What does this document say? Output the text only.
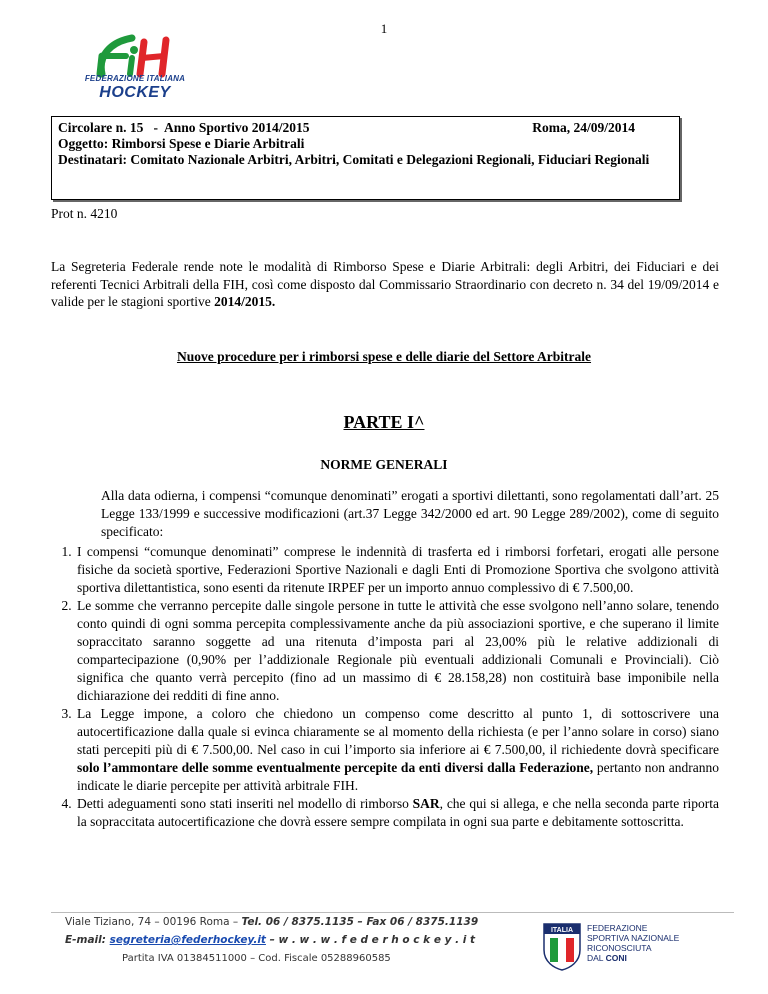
1
FEDERAZIONE ITALIANA
HOCKEY
Circolare n. 15   -  Anno Sportivo 2014/2015	Roma, 24/09/2014
Oggetto: Rimborsi Spese e Diarie Arbitrali
Destinatari: Comitato Nazionale Arbitri, Arbitri, Comitati e Delegazioni Regionali, Fiduciari Regionali
Prot n. 4210
La Segreteria Federale rende note le modalità di Rimborso Spese e Diarie Arbitrali: degli Arbitri, dei Fiduciari e dei referenti Tecnici Arbitrali della FIH, così come disposto dal Commissario Straordinario con decreto n. 34 del 19/09/2014 e valide per le stagioni sportive 2014/2015.
Nuove procedure per i rimborsi spese e delle diarie del Settore Arbitrale
PARTE I^
NORME GENERALI
Alla data odierna, i compensi “comunque denominati” erogati a sportivi dilettanti, sono regolamentati dall’art. 25 Legge 133/1999 e successive modificazioni (art.37 Legge 342/2000 ed art. 90 Legge 289/2002), come di seguito specificato:
1. I compensi “comunque denominati” comprese le indennità di trasferta ed i rimborsi forfetari, erogati alle persone fisiche da società sportive, Federazioni Sportive Nazionali e dagli Enti di Promozione Sportiva che svolgono attività sportiva dilettantistica, sono esenti da ritenute IRPEF per un importo annuo complessivo di € 7.500,00.
2. Le somme che verranno percepite dalle singole persone in tutte le attività che esse svolgono nell’anno solare, tenendo conto quindi di ogni somma percepita complessivamente anche da più associazioni sportive, e che superano il limite sopraccitato saranno soggette ad una ritenuta d’imposta pari al 23,00% più le relative addizionali di compartecipazione (0,90% per l’addizionale Regionale più eventuali addizionali Comunali e Provinciali). Ciò significa che quanto verrà percepito (fino ad un massimo di € 28.158,28) non costituirà base imponibile nella dichiarazione dei redditi di fine anno.
3. La Legge impone, a coloro che chiedono un compenso come descritto al punto 1, di sottoscrivere una autocertificazione dalla quale si evinca chiaramente se al momento della richiesta (e per l’anno solare in corso) siano stati percepiti più di € 7.500,00. Nel caso in cui l’importo sia inferiore ai € 7.500,00, il richiedente dovrà specificare solo l’ammontare delle somme eventualmente percepite da enti diversi dalla Federazione, pertanto non andranno indicate le diarie percepite per attività arbitrale FIH.
4. Detti adeguamenti sono stati inseriti nel modello di rimborso SAR, che qui si allega, e che nella seconda parte riporta la sopraccitata autocertificazione che dovrà essere sempre compilata in ogni sua parte e debitamente sottoscritta.
Viale Tiziano, 74 – 00196 Roma – Tel. 06 / 8375.1135 – Fax 06 / 8375.1139
E-mail: segreteria@federhockey.it – w . w . w . f e d e r h o c k e y . i t
Partita IVA 01384511000 – Cod. Fiscale 05288960585
ITALIA FEDERAZIONE
SPORTIVA NAZIONALE
RICONOSCIUTA
DAL CONI
